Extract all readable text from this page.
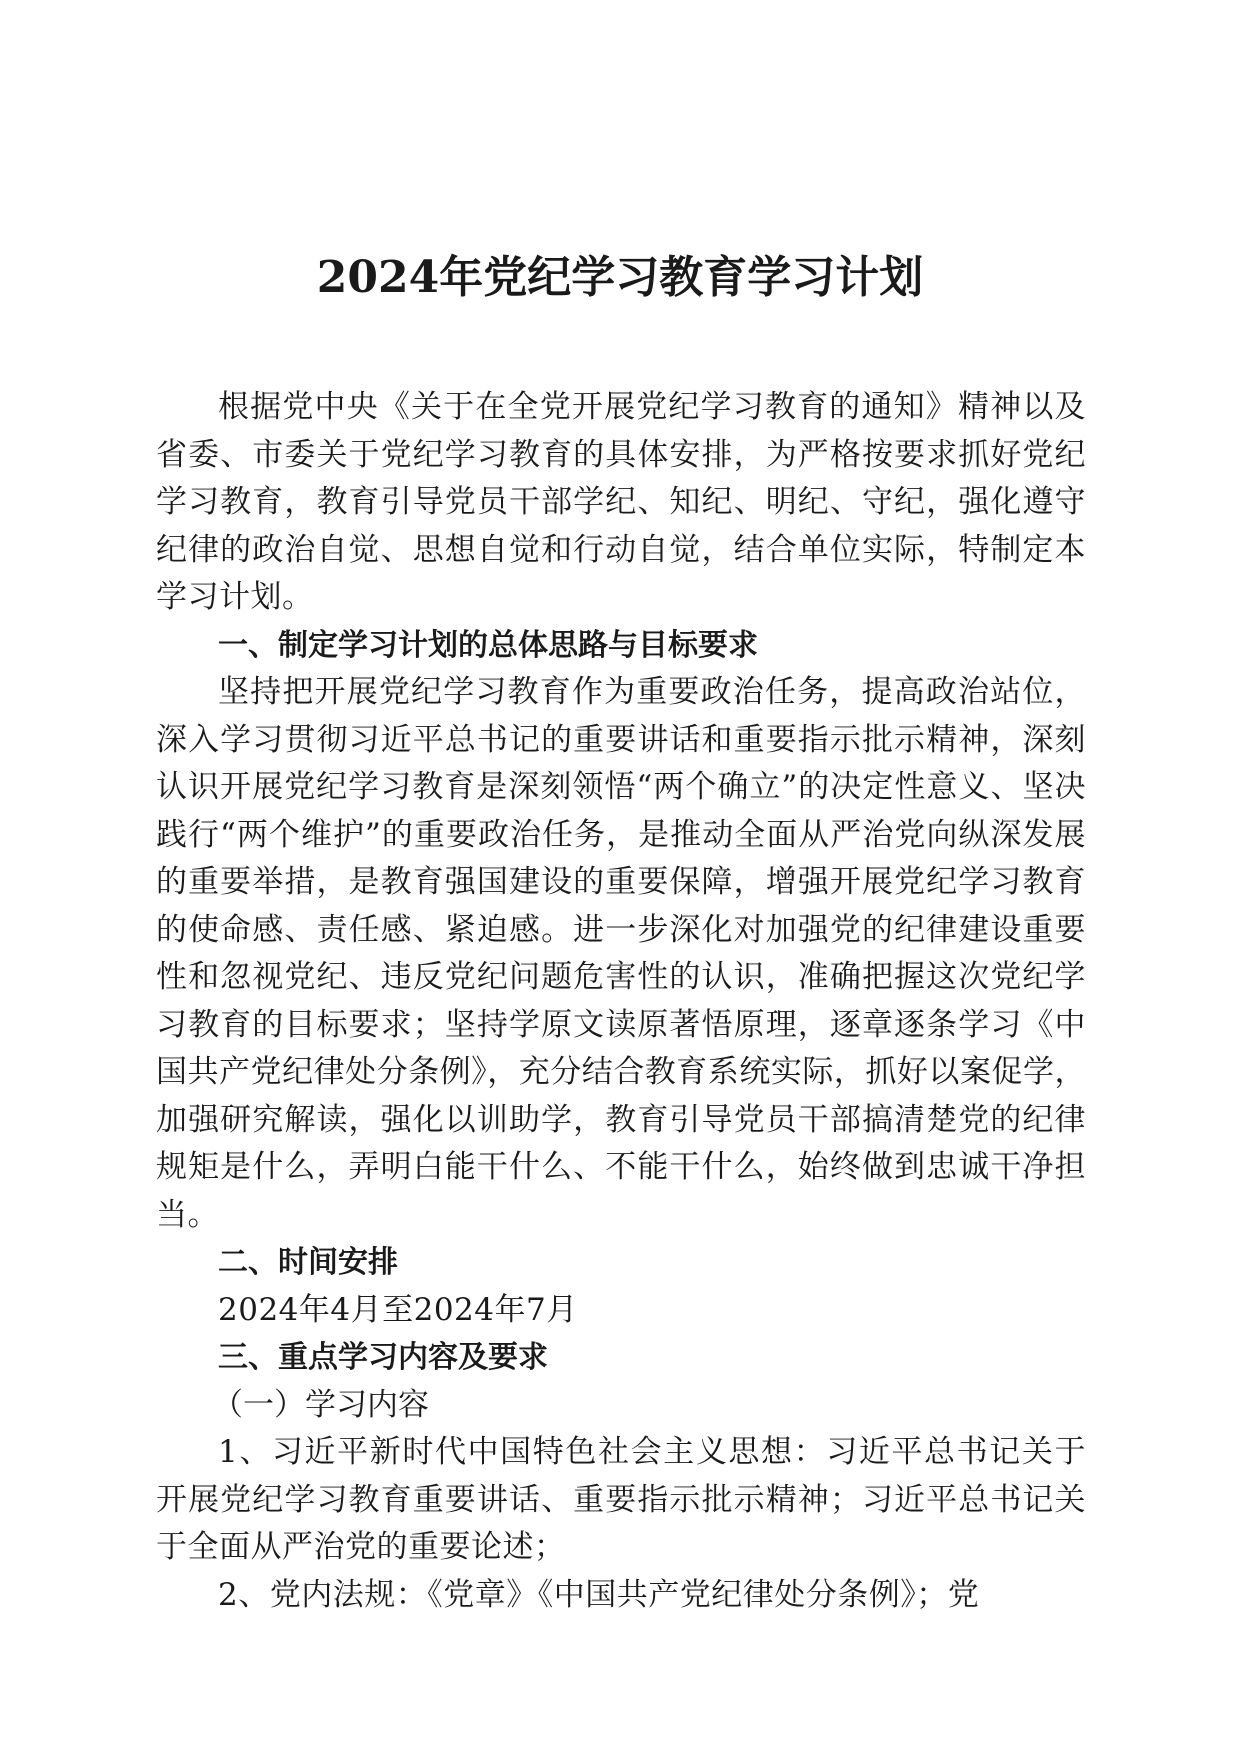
2024年党纪学习教育学习计划

根据党中央《关于在全党开展党纪学习教育的通知》精神以及省委、市委关于党纪学习教育的具体安排，为严格按要求抓好党纪学习教育，教育引导党员干部学纪、知纪、明纪、守纪，强化遵守纪律的政治自觉、思想自觉和行动自觉，结合单位实际，特制定本学习计划。

一、制定学习计划的总体思路与目标要求

坚持把开展党纪学习教育作为重要政治任务，提高政治站位，深入学习贯彻习近平总书记的重要讲话和重要指示批示精神，深刻认识开展党纪学习教育是深刻领悟“两个确立”的决定性意义、坚决践行“两个维护”的重要政治任务，是推动全面从严治党向纵深发展的重要举措，是教育强国建设的重要保障，增强开展党纪学习教育的使命感、责任感、紧迫感。进一步深化对加强党的纪律建设重要性和忽视党纪、违反党纪问题危害性的认识，准确把握这次党纪学习教育的目标要求；坚持学原文读原著悟原理，逐章逐条学习《中国共产党纪律处分条例》，充分结合教育系统实际，抓好以案促学，加强研究解读，强化以训助学，教育引导党员干部搞清楚党的纪律规矩是什么，弄明白能干什么、不能干什么，始终做到忠诚干净担当。

二、时间安排

2024年4月至2024年7月

三、重点学习内容及要求

（一）学习内容

1、习近平新时代中国特色社会主义思想：习近平总书记关于开展党纪学习教育重要讲话、重要指示批示精神；习近平总书记关于全面从严治党的重要论述；

2、党内法规：《党章》《中国共产党纪律处分条例》；党
